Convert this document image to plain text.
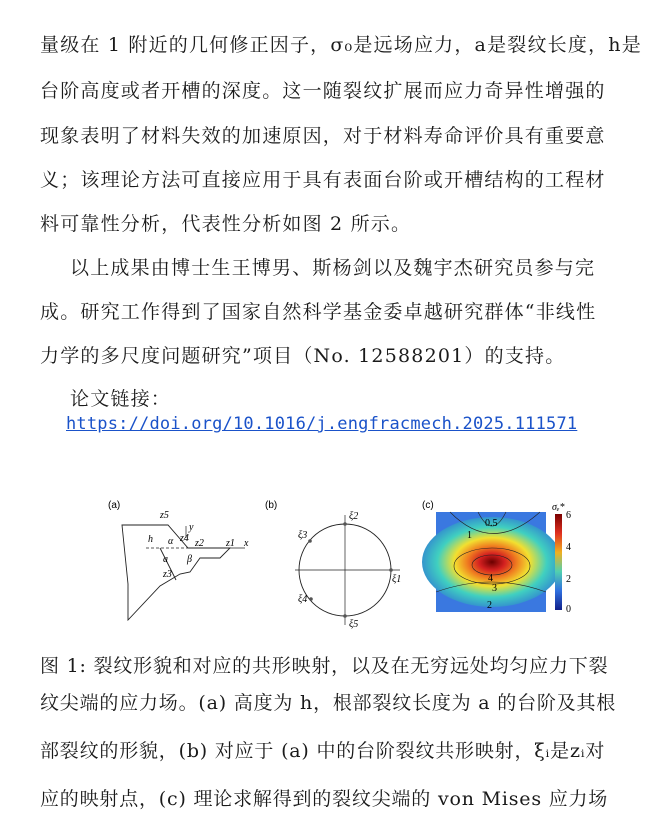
量级在 1 附近的几何修正因子，σ₀是远场应力，a是裂纹长度，h是
台阶高度或者开槽的深度。这一随裂纹扩展而应力奇异性增强的
现象表明了材料失效的加速原因，对于材料寿命评价具有重要意
义；该理论方法可直接应用于具有表面台阶或开槽结构的工程材
料可靠性分析，代表性分析如图 2 所示。
以上成果由博士生王博男、斯杨剑以及魏宇杰研究员参与完
成。研究工作得到了国家自然科学基金委卓越研究群体“非线性
力学的多尺度问题研究”项目（No. 12588201）的支持。
论文链接：
https://doi.org/10.1016/j.engfracmech.2025.111571
(a)
z5
y
h α z4 z2 z1 x
a β
z3
(b)
ξ2
ξ1
ξ5
ξ3
ξ4
(c)
0.5
1
4
3
2
σₑ*
6
4
2
0
图 1: 裂纹形貌和对应的共形映射，以及在无穷远处均匀应力下裂
纹尖端的应力场。(a) 高度为 h，根部裂纹长度为 a 的台阶及其根
部裂纹的形貌，(b) 对应于 (a) 中的台阶裂纹共形映射，ξᵢ是zᵢ对
应的映射点，(c) 理论求解得到的裂纹尖端的 von Mises 应力场
